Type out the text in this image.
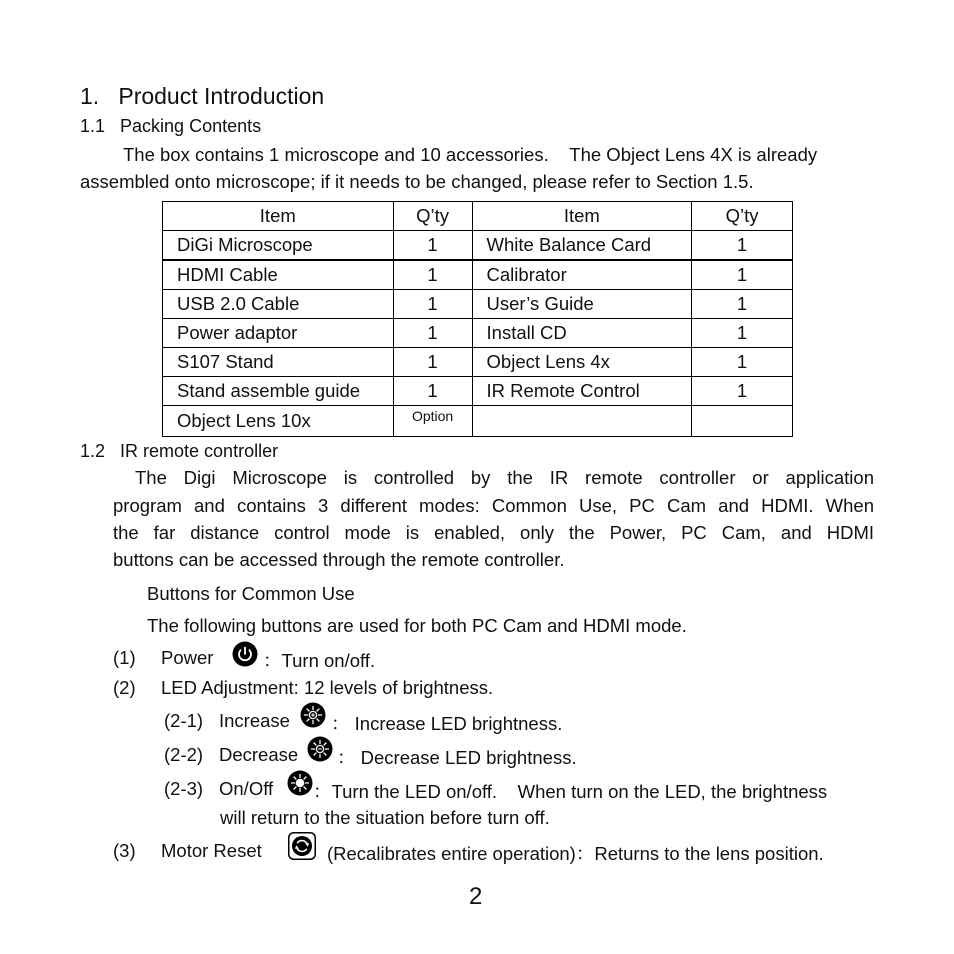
1.   Product Introduction
1.1   Packing Contents
The box contains 1 microscope and 10 accessories.    The Object Lens 4X is already
assembled onto microscope; if it needs to be changed, please refer to Section 1.5.
Item	Q’ty	Item	Q’ty
DiGi Microscope	1	White Balance Card	1
HDMI Cable	1	Calibrator	1
USB 2.0 Cable	1	User’s Guide	1
Power adaptor	1	Install CD	1
S107 Stand	1	Object Lens 4x	1
Stand assemble guide	1	IR Remote Control	1
Object Lens 10x	Option		
1.2   IR remote controller
The Digi Microscope is controlled by the IR remote controller or application
program and contains 3 different modes: Common Use, PC Cam and HDMI. When
the far distance control mode is enabled, only the Power, PC Cam, and HDMI
buttons can be accessed through the remote controller.
Buttons for Common Use
The following buttons are used for both PC Cam and HDMI mode.
(1) Power	：Turn on/off.
(2) LED Adjustment: 12 levels of brightness.
(2-1) Increase ： Increase LED brightness.
(2-2) Decrease ： Decrease LED brightness.
(2-3) On/Off ：Turn the LED on/off.    When turn on the LED, the brightness
will return to the situation before turn off.
(3) Motor Reset	(Recalibrates entire operation)：Returns to the lens position.
2
